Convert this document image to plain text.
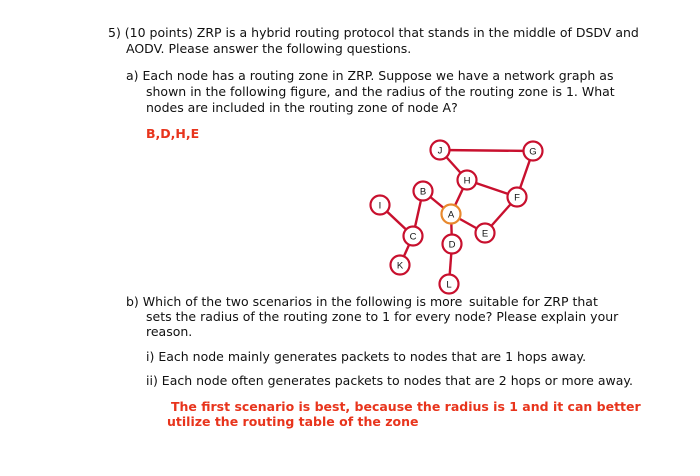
5) (10 points) ZRP is a hybrid routing protocol that stands in the middle of DSDV and
AODV. Please answer the following questions.
a) Each node has a routing zone in ZRP. Suppose we have a network graph as
shown in the following figure, and the radius of the routing zone is 1. What
nodes are included in the routing zone of node A?
B,D,H,E
J	G
H
B
F
I
A
E
C
D
K
L
b) Which of the two scenarios in the following is more suitable for ZRP that
sets the radius of the routing zone to 1 for every node? Please explain your
reason.
i) Each node mainly generates packets to nodes that are 1 hops away.
ii) Each node often generates packets to nodes that are 2 hops or more away.
The first scenario is best, because the radius is 1 and it can better
utilize the routing table of the zone
